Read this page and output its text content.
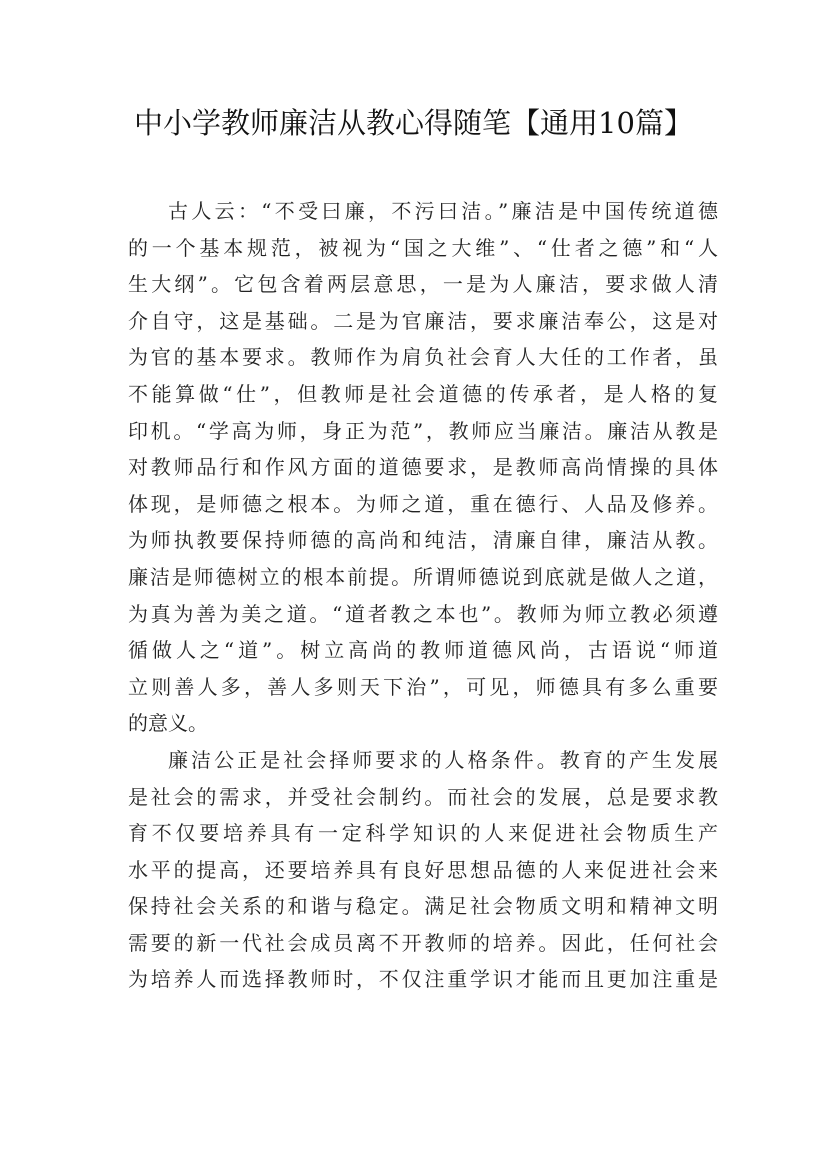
中小学教师廉洁从教心得随笔【通用10篇】
古人云：“不受曰廉，不污曰洁。”廉洁是中国传统道德
的一个基本规范，被视为“国之大维”、“仕者之德”和“人
生大纲”。它包含着两层意思，一是为人廉洁，要求做人清
介自守，这是基础。二是为官廉洁，要求廉洁奉公，这是对
为官的基本要求。教师作为肩负社会育人大任的工作者，虽
不能算做“仕”，但教师是社会道德的传承者，是人格的复
印机。“学高为师，身正为范”，教师应当廉洁。廉洁从教是
对教师品行和作风方面的道德要求，是教师高尚情操的具体
体现，是师德之根本。为师之道，重在德行、人品及修养。
为师执教要保持师德的高尚和纯洁，清廉自律，廉洁从教。
廉洁是师德树立的根本前提。所谓师德说到底就是做人之道，
为真为善为美之道。“道者教之本也”。教师为师立教必须遵
循做人之“道”。树立高尚的教师道德风尚，古语说“师道
立则善人多，善人多则天下治”，可见，师德具有多么重要
的意义。
廉洁公正是社会择师要求的人格条件。教育的产生发展
是社会的需求，并受社会制约。而社会的发展，总是要求教
育不仅要培养具有一定科学知识的人来促进社会物质生产
水平的提高，还要培养具有良好思想品德的人来促进社会来
保持社会关系的和谐与稳定。满足社会物质文明和精神文明
需要的新一代社会成员离不开教师的培养。因此，任何社会
为培养人而选择教师时，不仅注重学识才能而且更加注重是
